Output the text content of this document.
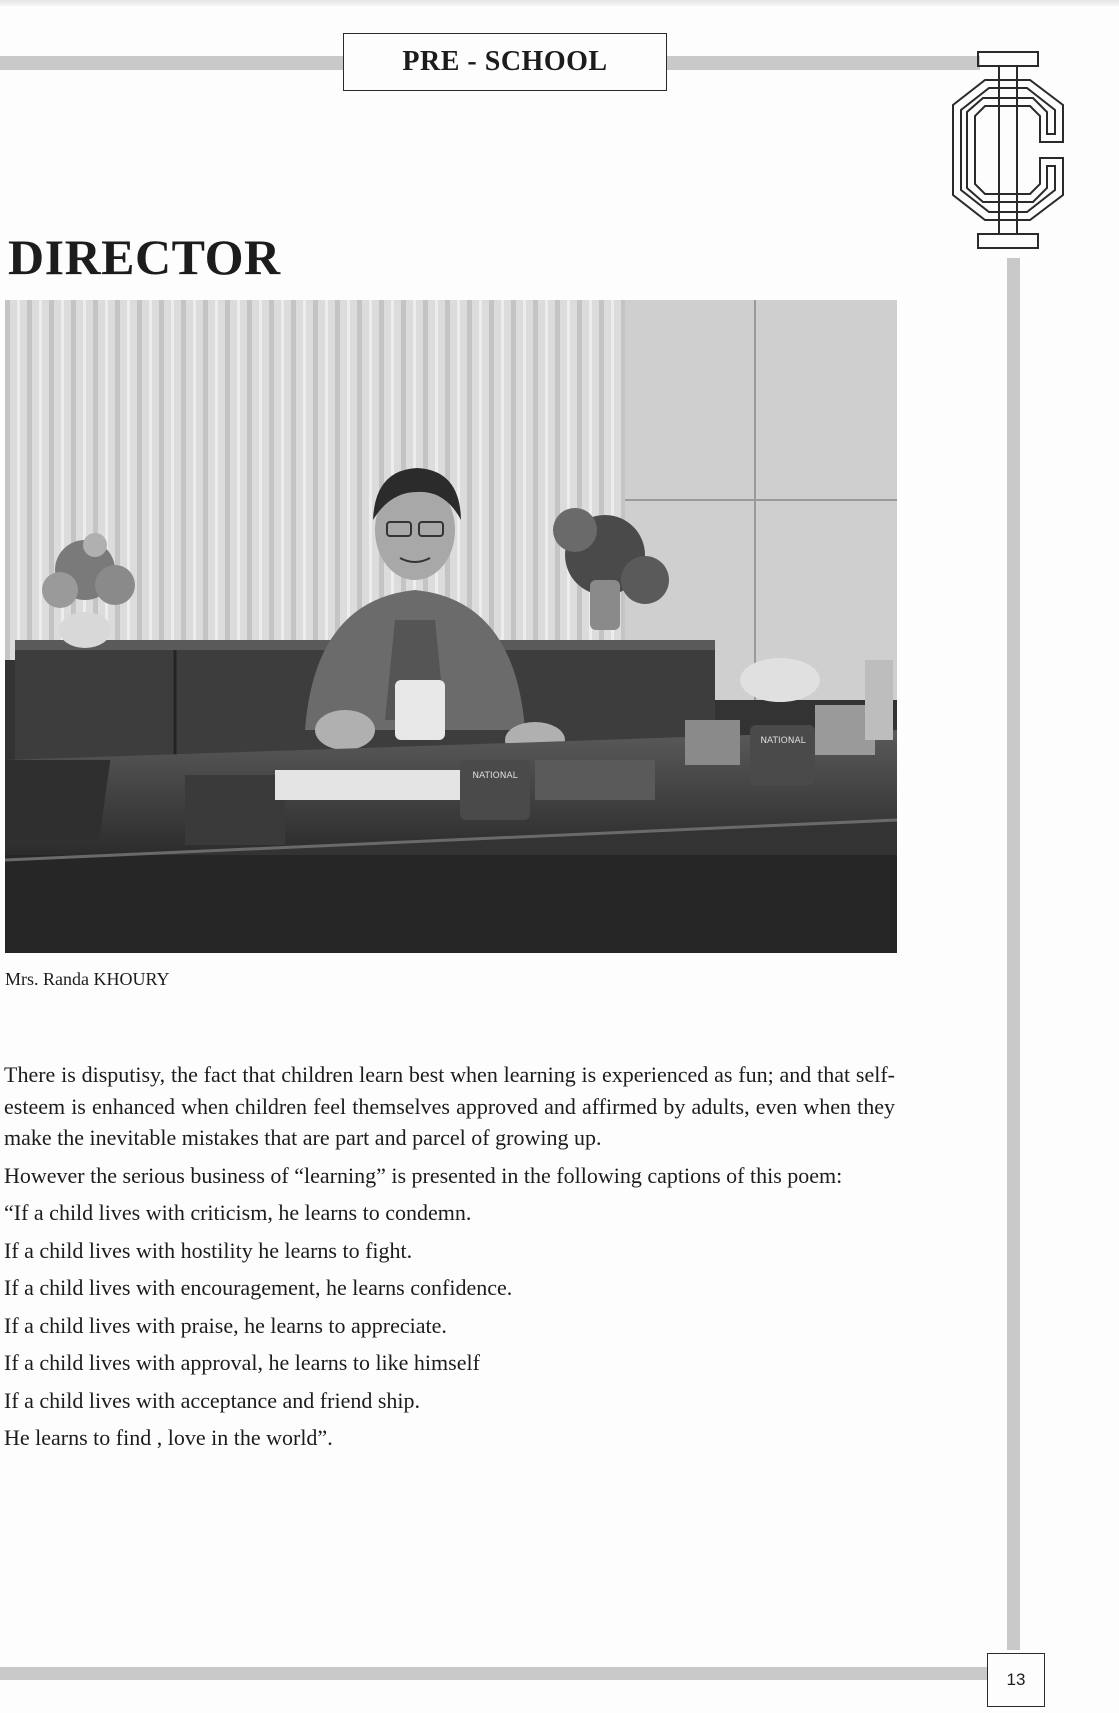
PRE - SCHOOL
13
DIRECTOR
NATIONAL
NATIONAL
Mrs. Randa KHOURY

There is disputisy, the fact that children learn best when learning is experienced as fun; and that self-esteem is enhanced when children feel themselves approved and affirmed by adults, even when they make the inevitable mistakes that are part and parcel of growing up.

However the serious business of “learning” is presented in the following captions of this poem:

“If a child lives with criticism, he learns to condemn.
If a child lives with hostility he learns to fight.
If a child lives with encouragement, he learns confidence.
If a child lives with praise, he learns to appreciate.
If a child lives with approval, he learns to like himself
If a child lives with acceptance and friend ship.
He learns to find , love in the world”.
